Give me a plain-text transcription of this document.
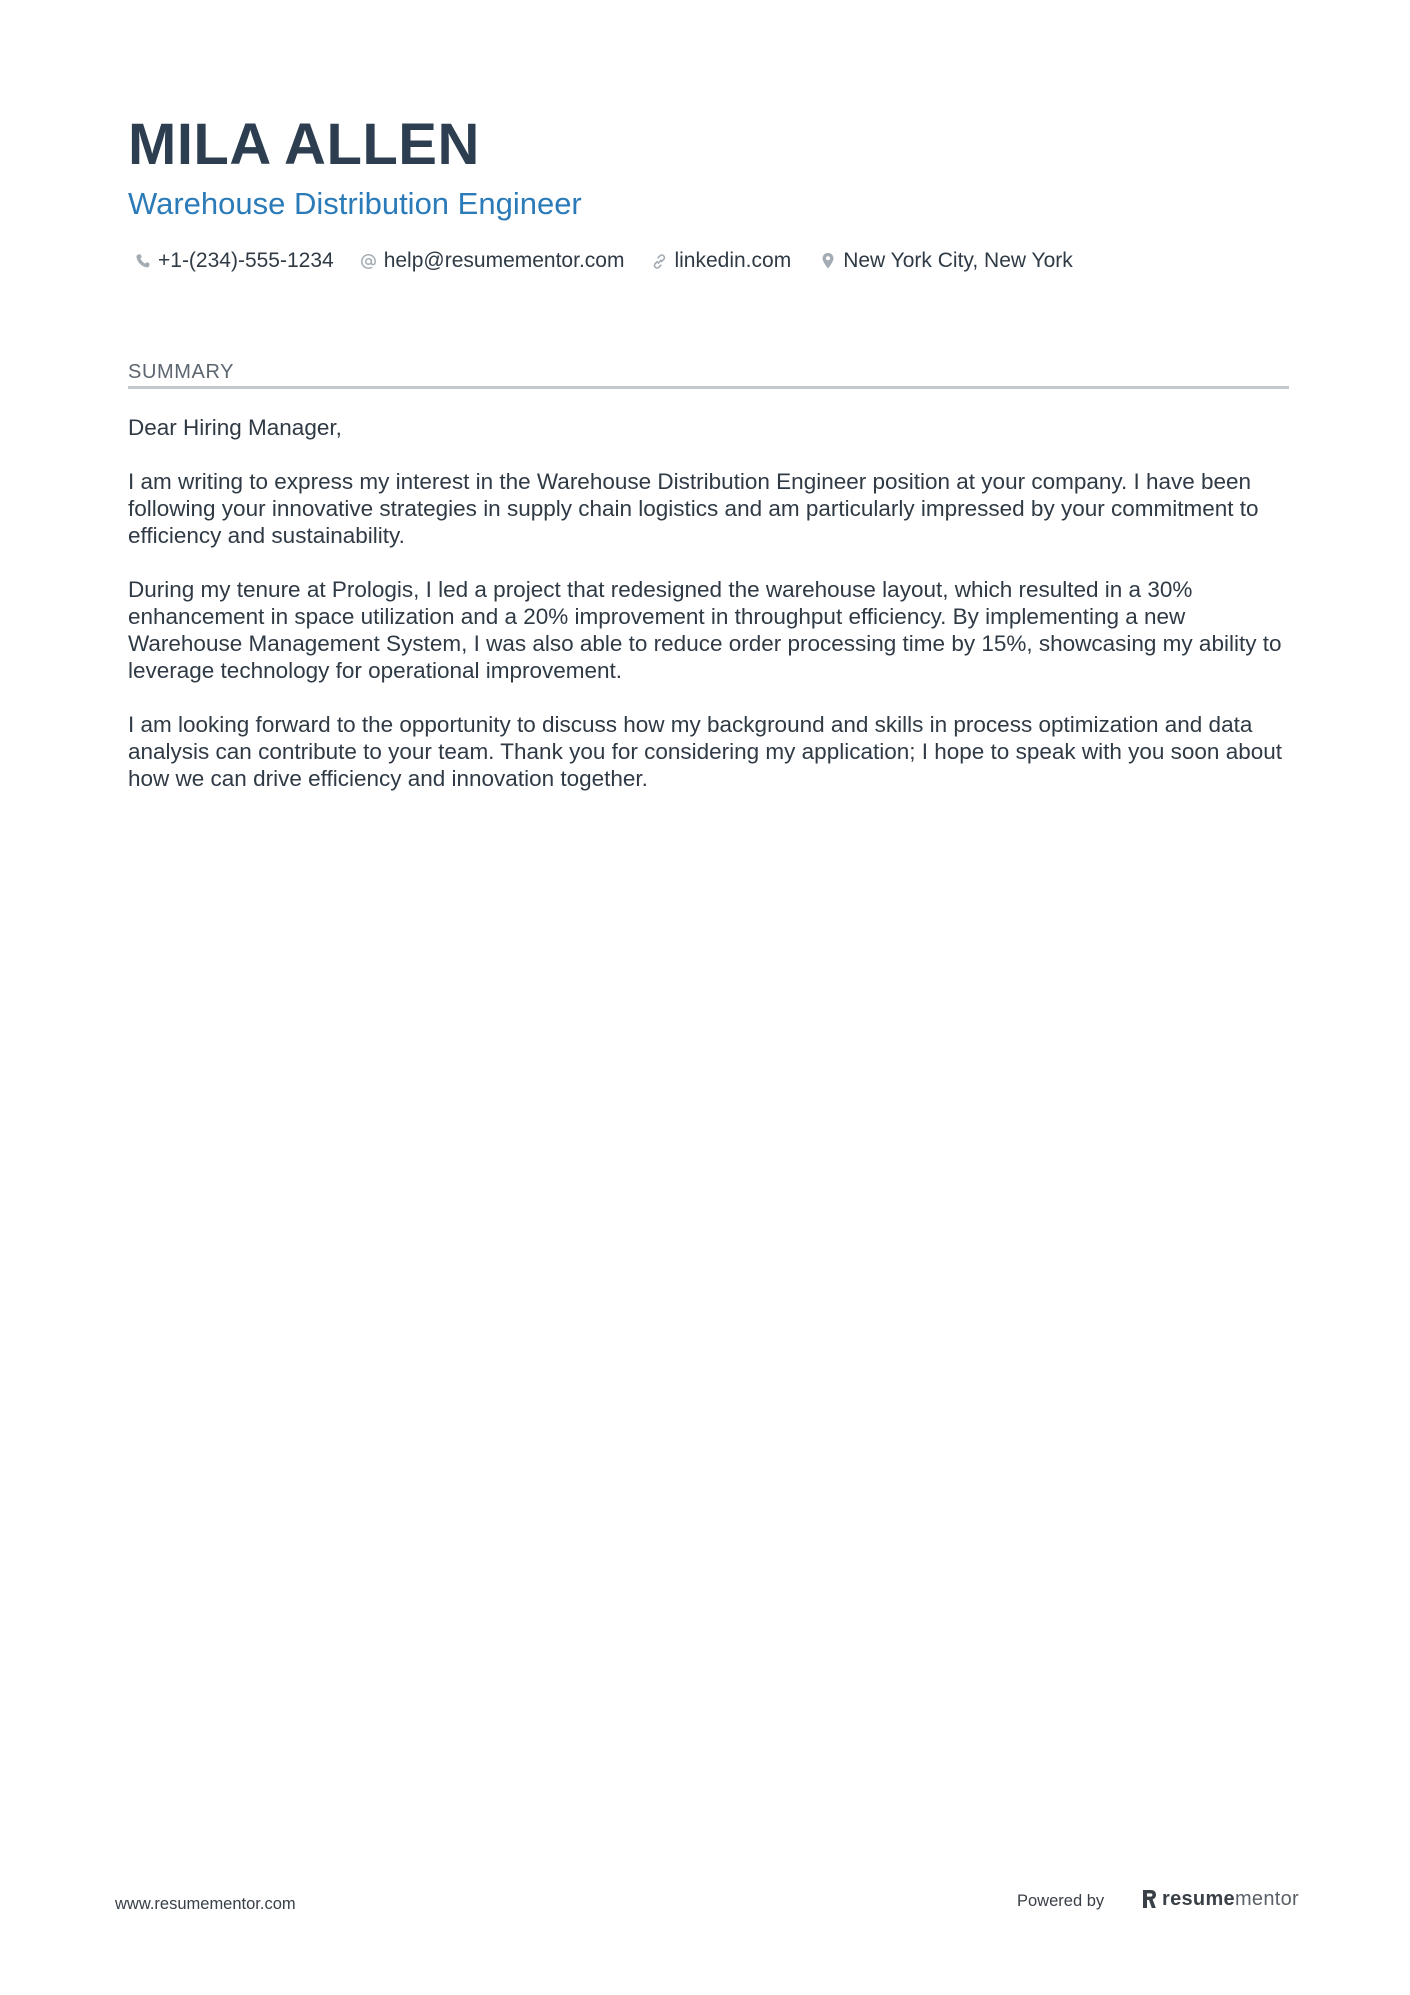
MILA ALLEN
Warehouse Distribution Engineer
+1-(234)-555-1234 help@resumementor.com linkedin.com New York City, New York
SUMMARY

Dear Hiring Manager,

I am writing to express my interest in the Warehouse Distribution Engineer position at your company. I have been following your innovative strategies in supply chain logistics and am particularly impressed by your commitment to efficiency and sustainability.

During my tenure at Prologis, I led a project that redesigned the warehouse layout, which resulted in a 30% enhancement in space utilization and a 20% improvement in throughput efficiency. By implementing a new Warehouse Management System, I was also able to reduce order processing time by 15%, showcasing my ability to leverage technology for operational improvement.

I am looking forward to the opportunity to discuss how my background and skills in process optimization and data analysis can contribute to your team. Thank you for considering my application; I hope to speak with you soon about how we can drive efficiency and innovation together.

www.resumementor.com	Powered by	resumementor
